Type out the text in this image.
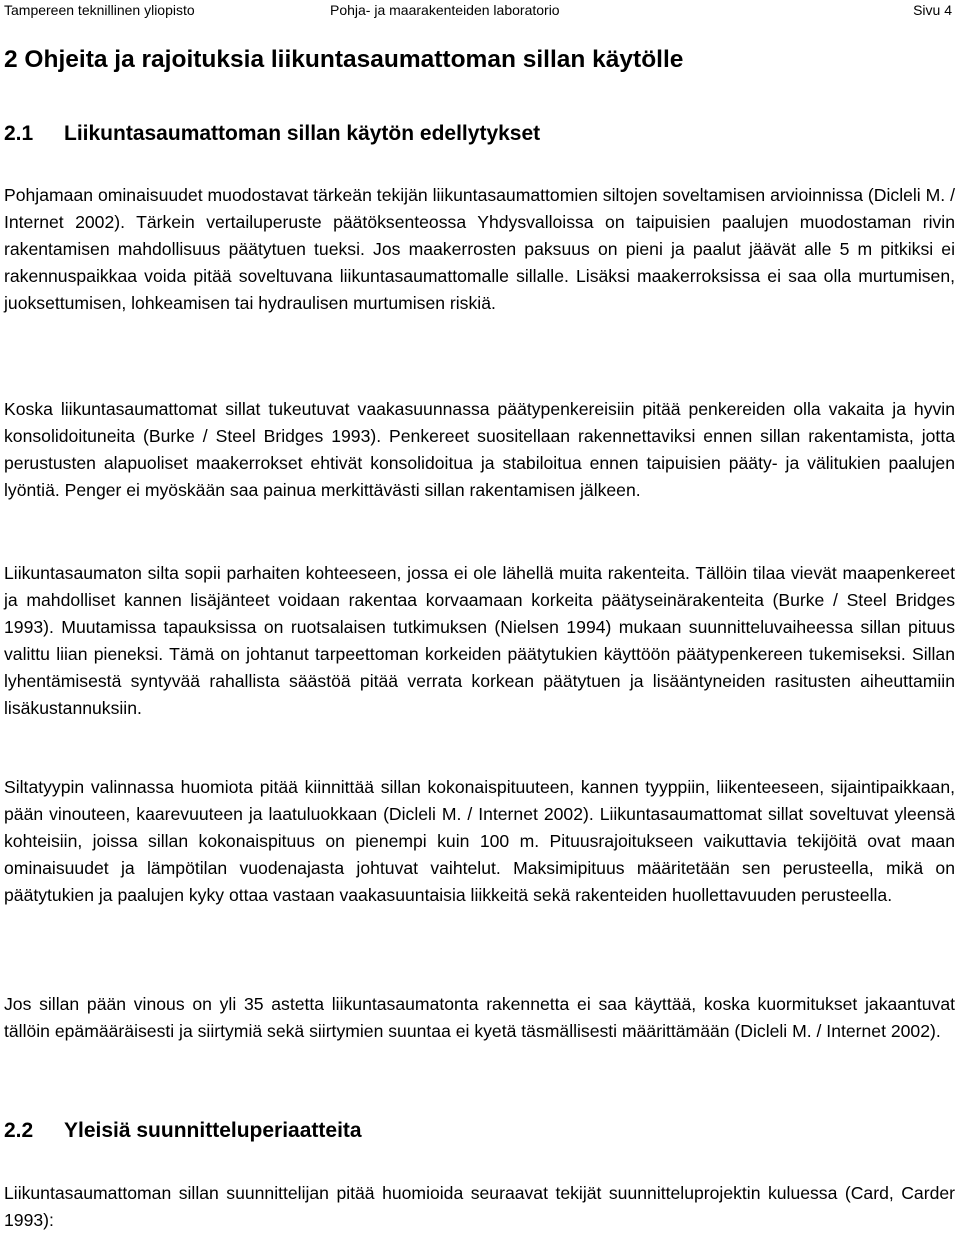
Tampereen teknillinen yliopisto	Pohja- ja maarakenteiden laboratorio	Sivu 4
2 Ohjeita ja rajoituksia liikuntasaumattoman sillan käytölle
2.1 Liikuntasaumattoman sillan käytön edellytykset

Pohjamaan ominaisuudet muodostavat tärkeän tekijän liikuntasaumattomien siltojen soveltamisen arvioinnissa (Dicleli M. / Internet 2002). Tärkein vertailuperuste päätöksenteossa Yhdysvalloissa on taipuisien paalujen muodostaman rivin rakentamisen mahdollisuus päätytuen tueksi. Jos maakerrosten paksuus on pieni ja paalut jäävät alle 5 m pitkiksi ei rakennuspaikkaa voida pitää soveltuvana liikuntasaumattomalle sillalle. Lisäksi maakerroksissa ei saa olla murtumisen, juoksettumisen, lohkeamisen tai hydraulisen murtumisen riskiä.

Koska liikuntasaumattomat sillat tukeutuvat vaakasuunnassa päätypenkereisiin pitää penkereiden olla vakaita ja hyvin konsolidoituneita (Burke / Steel Bridges 1993). Penkereet suositellaan rakennettaviksi ennen sillan rakentamista, jotta perustusten alapuoliset maakerrokset ehtivät konsolidoitua ja stabiloitua ennen taipuisien pääty- ja välitukien paalujen lyöntiä. Penger ei myöskään saa painua merkittävästi sillan rakentamisen jälkeen.

Liikuntasaumaton silta sopii parhaiten kohteeseen, jossa ei ole lähellä muita rakenteita. Tällöin tilaa vievät maapenkereet ja mahdolliset kannen lisäjänteet voidaan rakentaa korvaamaan korkeita päätyseinärakenteita (Burke / Steel Bridges 1993). Muutamissa tapauksissa on ruotsalaisen tutkimuksen (Nielsen 1994) mukaan suunnitteluvaiheessa sillan pituus valittu liian pieneksi. Tämä on johtanut tarpeettoman korkeiden päätytukien käyttöön päätypenkereen tukemiseksi. Sillan lyhentämisestä syntyvää rahallista säästöä pitää verrata korkean päätytuen ja lisääntyneiden rasitusten aiheuttamiin lisäkustannuksiin.

Siltatyypin valinnassa huomiota pitää kiinnittää sillan kokonaispituuteen, kannen tyyppiin, liikenteeseen, sijaintipaikkaan, pään vinouteen, kaarevuuteen ja laatuluokkaan (Dicleli M. / Internet 2002). Liikuntasaumattomat sillat soveltuvat yleensä kohteisiin, joissa sillan kokonaispituus on pienempi kuin 100 m. Pituusrajoitukseen vaikuttavia tekijöitä ovat maan ominaisuudet ja lämpötilan vuodenajasta johtuvat vaihtelut. Maksimipituus määritetään sen perusteella, mikä on päätytukien ja paalujen kyky ottaa vastaan vaakasuuntaisia liikkeitä sekä rakenteiden huollettavuuden perusteella.

Jos sillan pään vinous on yli 35 astetta liikuntasaumatonta rakennetta ei saa käyttää, koska kuormitukset jakaantuvat tällöin epämääräisesti ja siirtymiä sekä siirtymien suuntaa ei kyetä täsmällisesti määrittämään (Dicleli M. / Internet 2002).

2.2 Yleisiä suunnitteluperiaatteita

Liikuntasaumattoman sillan suunnittelijan pitää huomioida seuraavat tekijät suunnitteluprojektin kuluessa (Card, Carder 1993):
